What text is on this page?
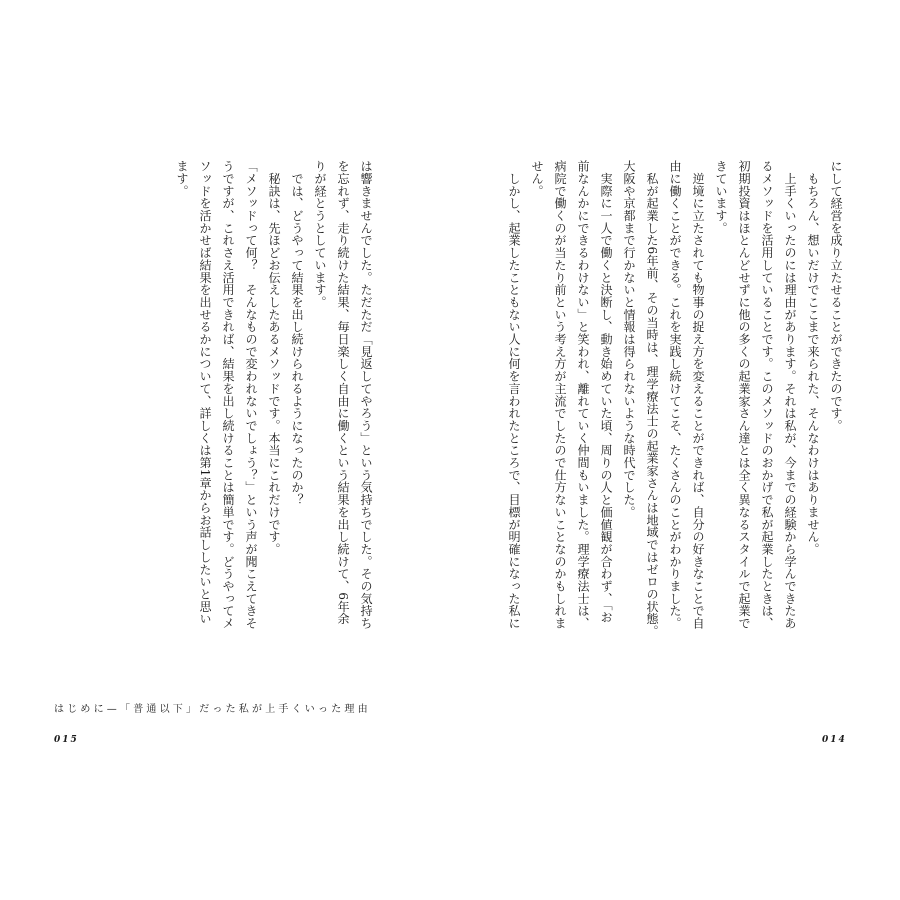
にして経営を成り立たせることができたのです。
　もちろん、想いだけでここまで来られた、そんなわけはありません。
　上手くいったのには理由があります。それは私が、今までの経験から学んできたあ
るメソッドを活用していることです。このメソッドのおかげで私が起業したときは、
初期投資はほとんどせずに他の多くの起業家さん達とは全く異なるスタイルで起業で
きています。
　逆境に立たされても物事の捉え方を変えることができれば、自分の好きなことで自
由に働くことができる。これを実践し続けてこそ、たくさんのことがわかりました。
　私が起業した6年前、その当時は、理学療法士の起業家さんは地域ではゼロの状態。
大阪や京都まで行かないと情報は得られないような時代でした。
　実際に一人で働くと決断し、動き始めていた頃、周りの人と価値観が合わず、「お
前なんかにできるわけない」と笑われ、離れていく仲間もいました。理学療法士は、
病院で働くのが当たり前という考え方が主流でしたので仕方ないことなのかもしれま
せん。
　しかし、起業したこともない人に何を言われたところで、目標が明確になった私に
は響きませんでした。ただただ「見返してやろう」という気持ちでした。その気持ち
を忘れず、走り続けた結果、毎日楽しく自由に働くという結果を出し続けて、6年余
りが経とうとしています。
　では、どうやって結果を出し続けられるようになったのか？
　秘訣は、先ほどお伝えしたあるメソッドです。本当にこれだけです。
「メソッドって何？　そんなもので変われないでしょう？」という声が聞こえてきそ
うですが、これさえ活用できれば、結果を出し続けることは簡単です。どうやってメ
ソッドを活かせば結果を出せるかについて、詳しくは第1章からお話ししたいと思い
ます。
はじめに—「普通以下」だった私が上手くいった理由
015	014
